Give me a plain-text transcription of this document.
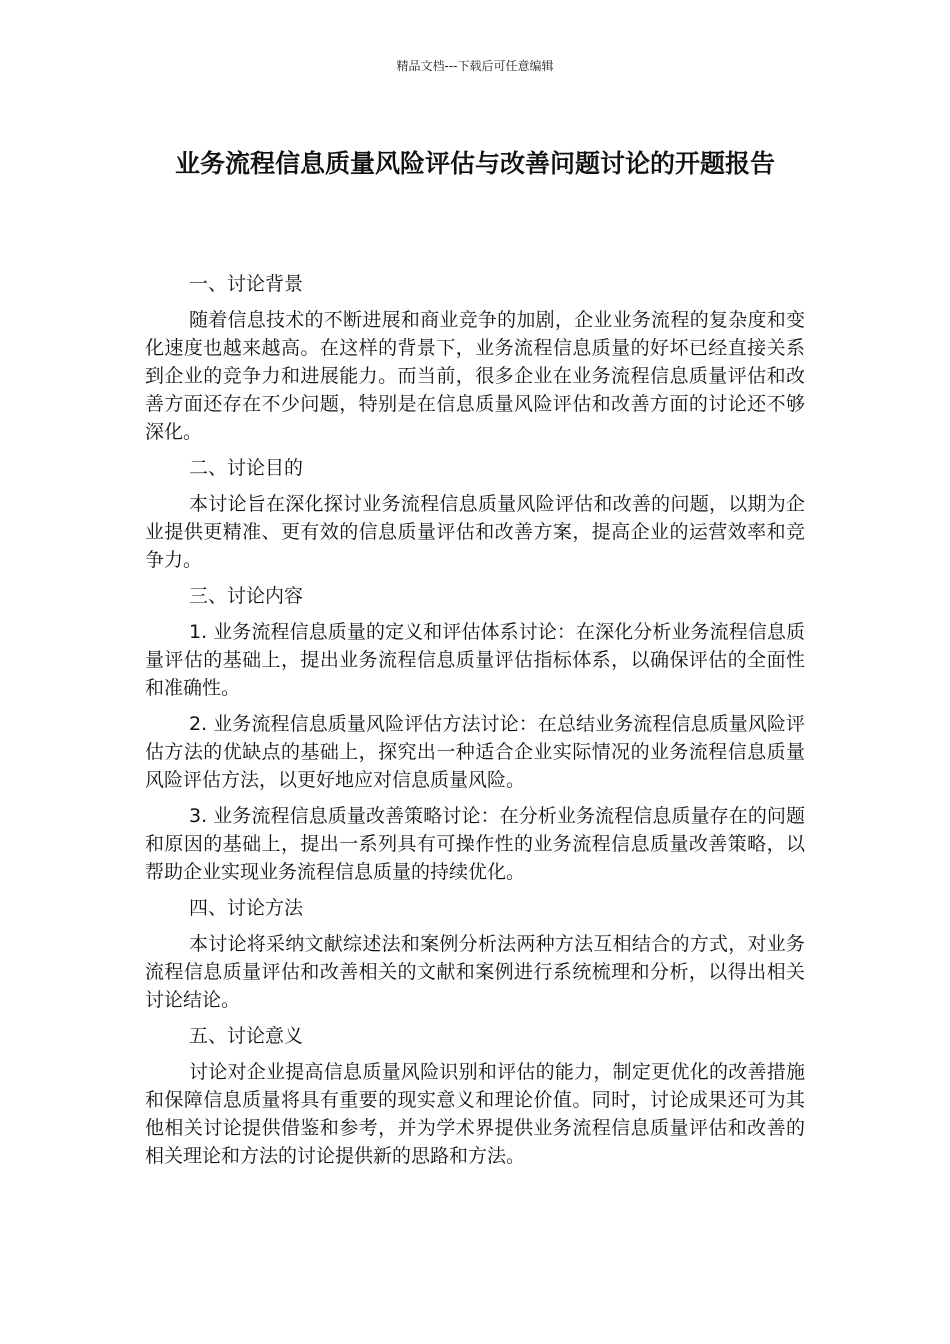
精品文档---下载后可任意编辑
业务流程信息质量风险评估与改善问题讨论的开题报告

一、讨论背景

随着信息技术的不断进展和商业竞争的加剧，企业业务流程的复杂度和变化速度也越来越高。在这样的背景下，业务流程信息质量的好坏已经直接关系到企业的竞争力和进展能力。而当前，很多企业在业务流程信息质量评估和改善方面还存在不少问题，特别是在信息质量风险评估和改善方面的讨论还不够深化。

二、讨论目的

本讨论旨在深化探讨业务流程信息质量风险评估和改善的问题，以期为企业提供更精准、更有效的信息质量评估和改善方案，提高企业的运营效率和竞争力。

三、讨论内容

1. 业务流程信息质量的定义和评估体系讨论：在深化分析业务流程信息质量评估的基础上，提出业务流程信息质量评估指标体系，以确保评估的全面性和准确性。

2. 业务流程信息质量风险评估方法讨论：在总结业务流程信息质量风险评估方法的优缺点的基础上，探究出一种适合企业实际情况的业务流程信息质量风险评估方法，以更好地应对信息质量风险。

3. 业务流程信息质量改善策略讨论：在分析业务流程信息质量存在的问题和原因的基础上，提出一系列具有可操作性的业务流程信息质量改善策略，以帮助企业实现业务流程信息质量的持续优化。

四、讨论方法

本讨论将采纳文献综述法和案例分析法两种方法互相结合的方式，对业务流程信息质量评估和改善相关的文献和案例进行系统梳理和分析，以得出相关讨论结论。

五、讨论意义

讨论对企业提高信息质量风险识别和评估的能力，制定更优化的改善措施和保障信息质量将具有重要的现实意义和理论价值。同时，讨论成果还可为其他相关讨论提供借鉴和参考，并为学术界提供业务流程信息质量评估和改善的相关理论和方法的讨论提供新的思路和方法。
